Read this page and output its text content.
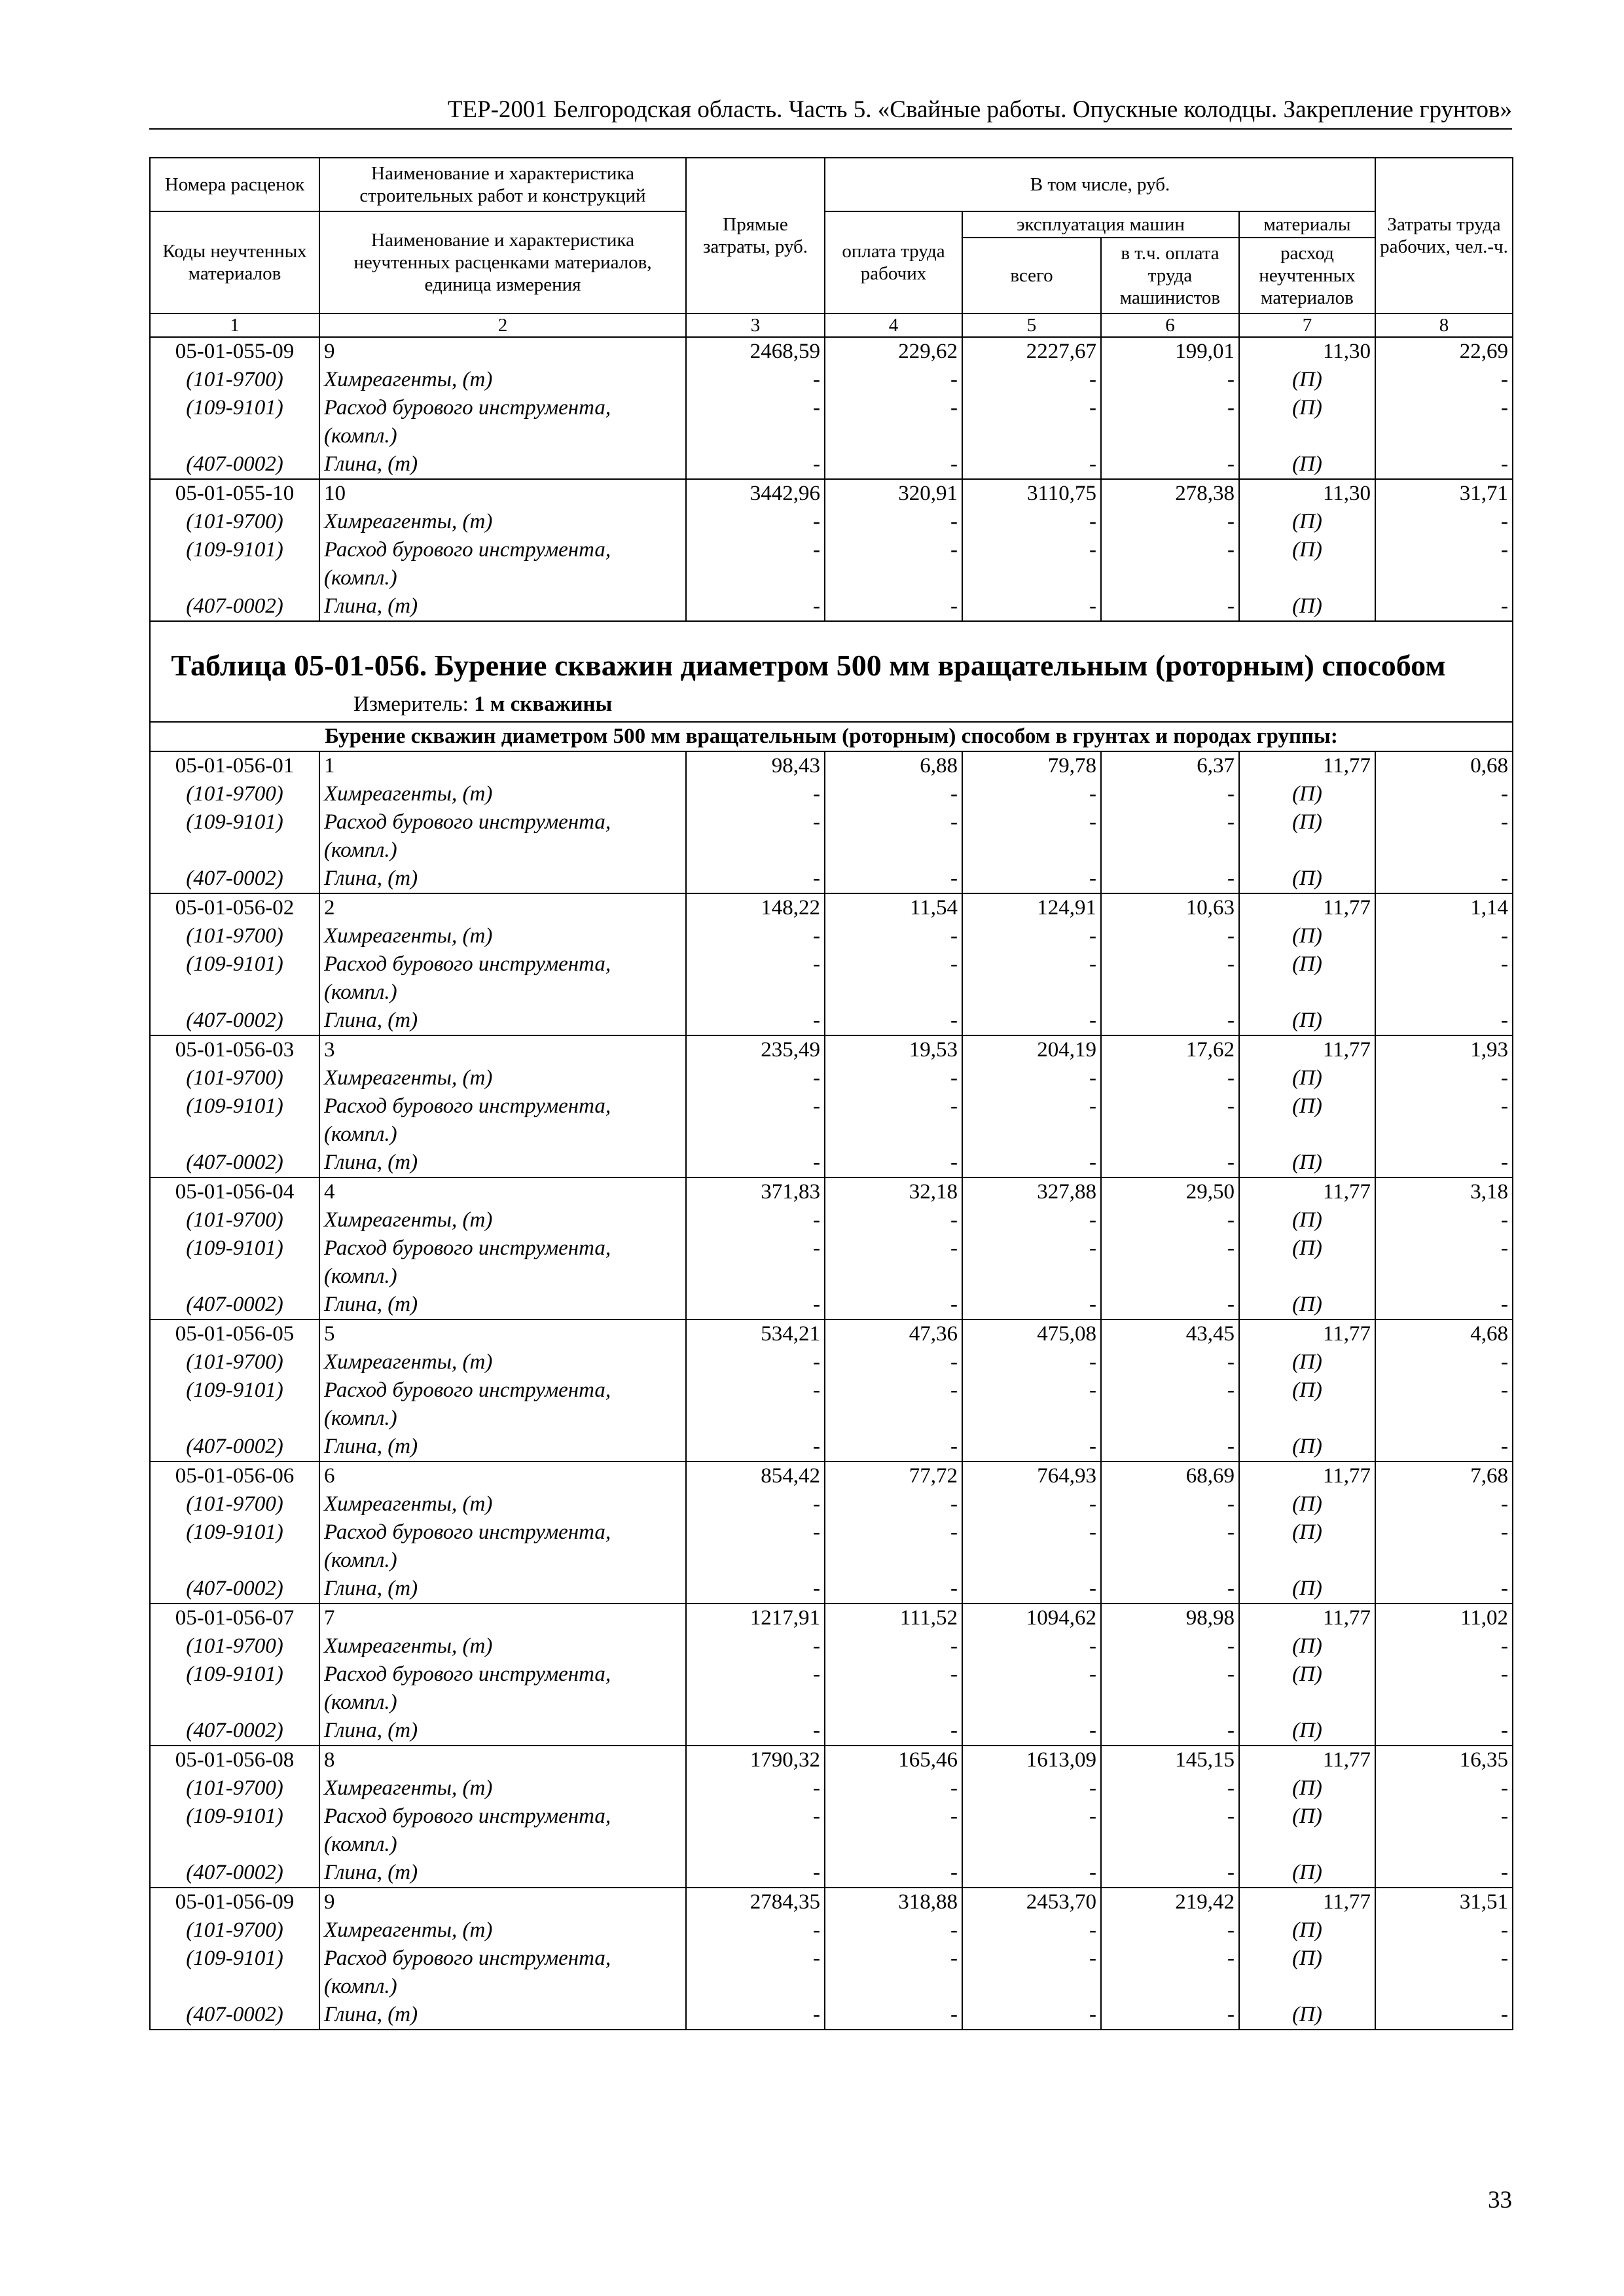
ТЕР-2001 Белгородская область. Часть 5. «Свайные работы. Опускные колодцы. Закрепление грунтов»
Номера расценок	Наименование и характеристика строительных работ и конструкций	Прямые затраты, руб.	В том числе, руб.				Затраты труда рабочих, чел.-ч.
Коды неучтенных материалов	Наименование и характеристика неучтенных расценками материалов, единица измерения		оплата труда рабочих	эксплуатация машин		материалы	
				всего	в т.ч. оплата труда машинистов	расход неучтенных материалов	
1	2	3	4	5	6	7	8
05-01-055-09	9	2468,59	229,62	2227,67	199,01	11,30	22,69
(101-9700)	Химреагенты, (т)	-	-	-	-	(П)	-
(109-9101)	Расход бурового инструмента,	-	-	-	-	(П)	-
	(компл.)						
(407-0002)	Глина, (т)	-	-	-	-	(П)	-
05-01-055-10	10	3442,96	320,91	3110,75	278,38	11,30	31,71
(101-9700)	Химреагенты, (т)	-	-	-	-	(П)	-
(109-9101)	Расход бурового инструмента,	-	-	-	-	(П)	-
	(компл.)						
(407-0002)	Глина, (т)	-	-	-	-	(П)	-

Таблица 05-01-056. Бурение скважин диаметром 500 мм вращательным (роторным) способом
Измеритель: 1 м скважины							

Бурение скважин диаметром 500 мм вращательным (роторным) способом в грунтах и породах группы:							
05-01-056-01	1	98,43	6,88	79,78	6,37	11,77	0,68
(101-9700)	Химреагенты, (т)	-	-	-	-	(П)	-
(109-9101)	Расход бурового инструмента,	-	-	-	-	(П)	-
	(компл.)						
(407-0002)	Глина, (т)	-	-	-	-	(П)	-
05-01-056-02	2	148,22	11,54	124,91	10,63	11,77	1,14
(101-9700)	Химреагенты, (т)	-	-	-	-	(П)	-
(109-9101)	Расход бурового инструмента,	-	-	-	-	(П)	-
	(компл.)						
(407-0002)	Глина, (т)	-	-	-	-	(П)	-
05-01-056-03	3	235,49	19,53	204,19	17,62	11,77	1,93
(101-9700)	Химреагенты, (т)	-	-	-	-	(П)	-
(109-9101)	Расход бурового инструмента,	-	-	-	-	(П)	-
	(компл.)						
(407-0002)	Глина, (т)	-	-	-	-	(П)	-
05-01-056-04	4	371,83	32,18	327,88	29,50	11,77	3,18
(101-9700)	Химреагенты, (т)	-	-	-	-	(П)	-
(109-9101)	Расход бурового инструмента,	-	-	-	-	(П)	-
	(компл.)						
(407-0002)	Глина, (т)	-	-	-	-	(П)	-
05-01-056-05	5	534,21	47,36	475,08	43,45	11,77	4,68
(101-9700)	Химреагенты, (т)	-	-	-	-	(П)	-
(109-9101)	Расход бурового инструмента,	-	-	-	-	(П)	-
	(компл.)						
(407-0002)	Глина, (т)	-	-	-	-	(П)	-
05-01-056-06	6	854,42	77,72	764,93	68,69	11,77	7,68
(101-9700)	Химреагенты, (т)	-	-	-	-	(П)	-
(109-9101)	Расход бурового инструмента,	-	-	-	-	(П)	-
	(компл.)						
(407-0002)	Глина, (т)	-	-	-	-	(П)	-
05-01-056-07	7	1217,91	111,52	1094,62	98,98	11,77	11,02
(101-9700)	Химреагенты, (т)	-	-	-	-	(П)	-
(109-9101)	Расход бурового инструмента,	-	-	-	-	(П)	-
	(компл.)						
(407-0002)	Глина, (т)	-	-	-	-	(П)	-
05-01-056-08	8	1790,32	165,46	1613,09	145,15	11,77	16,35
(101-9700)	Химреагенты, (т)	-	-	-	-	(П)	-
(109-9101)	Расход бурового инструмента,	-	-	-	-	(П)	-
	(компл.)						
(407-0002)	Глина, (т)	-	-	-	-	(П)	-
05-01-056-09	9	2784,35	318,88	2453,70	219,42	11,77	31,51
(101-9700)	Химреагенты, (т)	-	-	-	-	(П)	-
(109-9101)	Расход бурового инструмента,	-	-	-	-	(П)	-
	(компл.)						
(407-0002)	Глина, (т)	-	-	-	-	(П)	-
33
